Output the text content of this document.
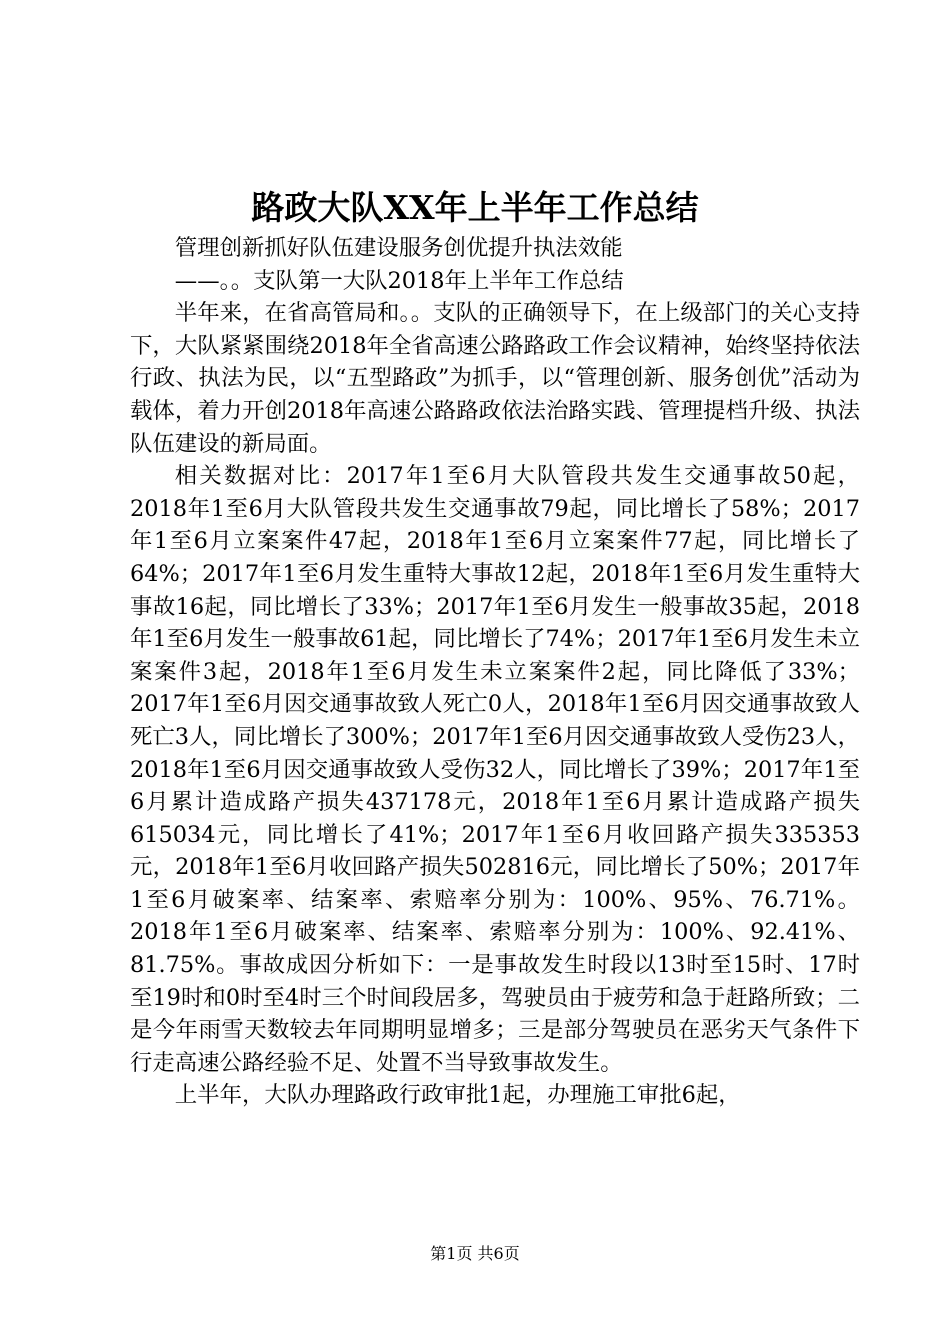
路政大队XX年上半年工作总结
管理创新抓好队伍建设服务创优提升执法效能
——。。支队第一大队2018年上半年工作总结

半年来，在省高管局和。。支队的正确领导下，在上级部门的关心支持下，大队紧紧围绕2018年全省高速公路路政工作会议精神，始终坚持依法行政、执法为民，以“五型路政”为抓手，以“管理创新、服务创优”活动为载体，着力开创2018年高速公路路政依法治路实践、管理提档升级、执法队伍建设的新局面。

相关数据对比：2017年1至6月大队管段共发生交通事故50起，2018年1至6月大队管段共发生交通事故79起，同比增长了58%；2017年1至6月立案案件47起，2018年1至6月立案案件77起，同比增长了64%；2017年1至6月发生重特大事故12起，2018年1至6月发生重特大事故16起，同比增长了33%；2017年1至6月发生一般事故35起，2018年1至6月发生一般事故61起，同比增长了74%；2017年1至6月发生未立案案件3起，2018年1至6月发生未立案案件2起，同比降低了33%；2017年1至6月因交通事故致人死亡0人，2018年1至6月因交通事故致人死亡3人，同比增长了300%；2017年1至6月因交通事故致人受伤23人，2018年1至6月因交通事故致人受伤32人，同比增长了39%；2017年1至6月累计造成路产损失437178元，2018年1至6月累计造成路产损失615034元，同比增长了41%；2017年1至6月收回路产损失335353元，2018年1至6月收回路产损失502816元，同比增长了50%；2017年1至6月破案率、结案率、索赔率分别为：100%、95%、76.71%。2018年1至6月破案率、结案率、索赔率分别为：100%、92.41%、81.75%。事故成因分析如下：一是事故发生时段以13时至15时、17时至19时和0时至4时三个时间段居多，驾驶员由于疲劳和急于赶路所致；二是今年雨雪天数较去年同期明显增多；三是部分驾驶员在恶劣天气条件下行走高速公路经验不足、处置不当导致事故发生。

上半年，大队办理路政行政审批1起，办理施工审批6起，

第1页 共6页
